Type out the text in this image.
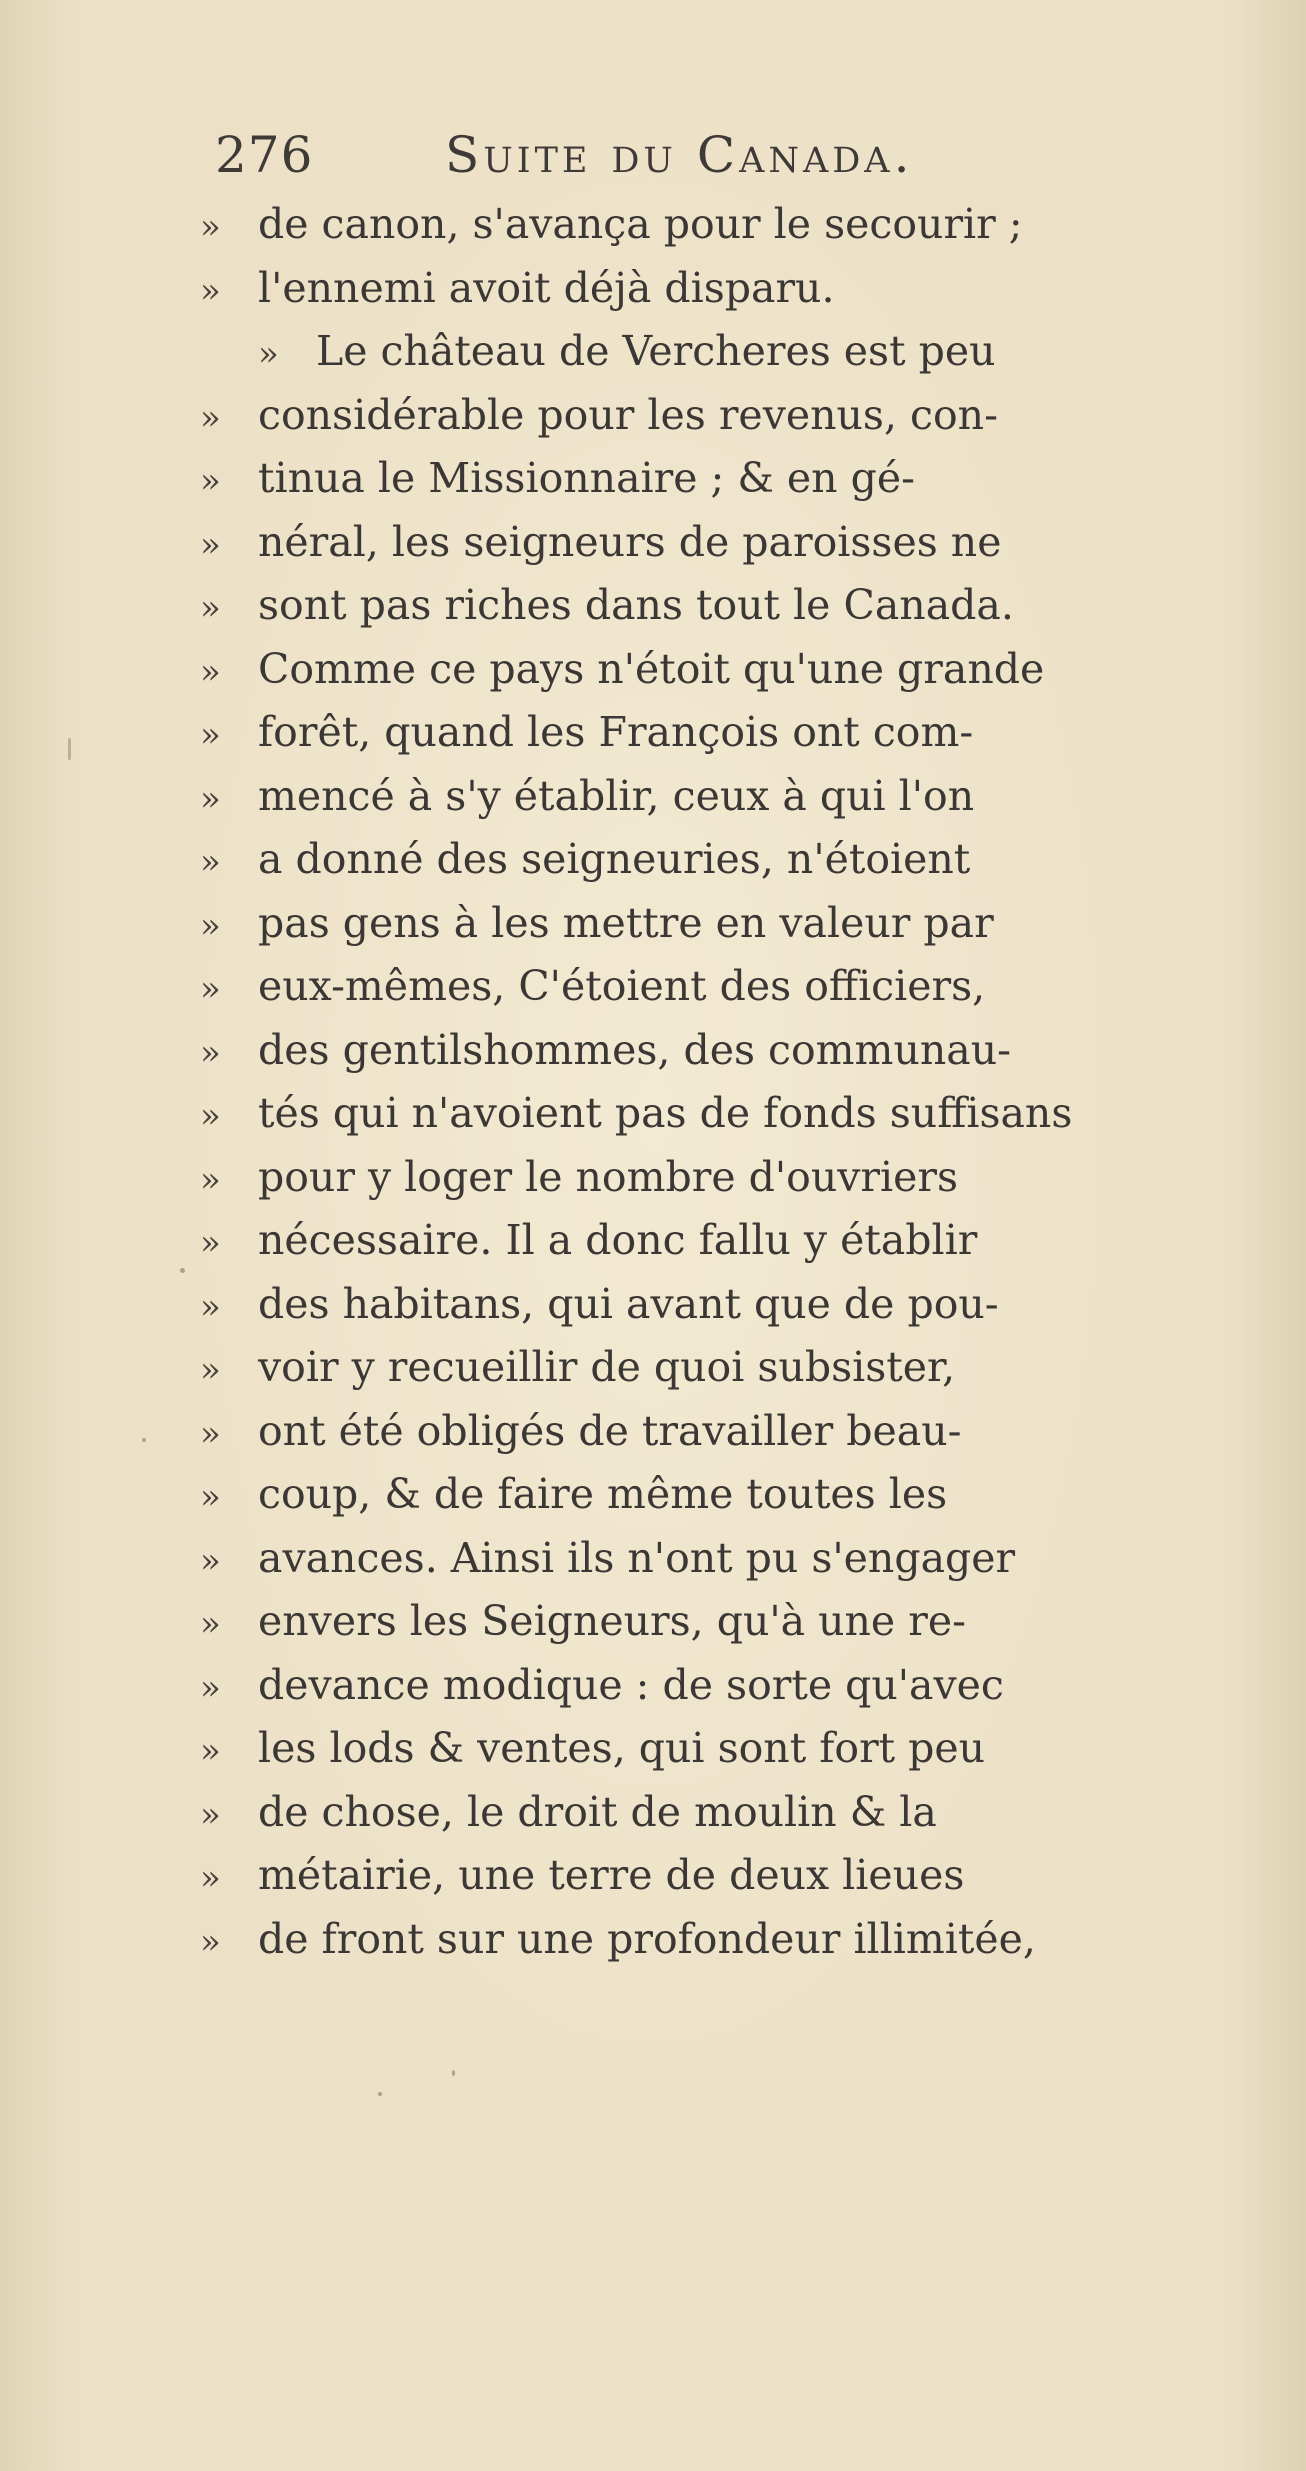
276	Suite du Canada.
» de canon, s'avança pour le secourir ;
» l'ennemi avoit déjà disparu.
» Le château de Vercheres est peu
» considérable pour les revenus, con-
» tinua le Missionnaire ; & en gé-
» néral, les seigneurs de paroisses ne
» sont pas riches dans tout le Canada.
» Comme ce pays n'étoit qu'une grande
» forêt, quand les François ont com-
» mencé à s'y établir, ceux à qui l'on
» a donné des seigneuries, n'étoient
» pas gens à les mettre en valeur par
» eux-mêmes, C'étoient des officiers,
» des gentilshommes, des communau-
» tés qui n'avoient pas de fonds suffisans
» pour y loger le nombre d'ouvriers
» nécessaire. Il a donc fallu y établir
» des habitans, qui avant que de pou-
» voir y recueillir de quoi subsister,
» ont été obligés de travailler beau-
» coup, & de faire même toutes les
» avances. Ainsi ils n'ont pu s'engager
» envers les Seigneurs, qu'à une re-
» devance modique : de sorte qu'avec
» les lods & ventes, qui sont fort peu
» de chose, le droit de moulin & la
» métairie, une terre de deux lieues
» de front sur une profondeur illimitée,
